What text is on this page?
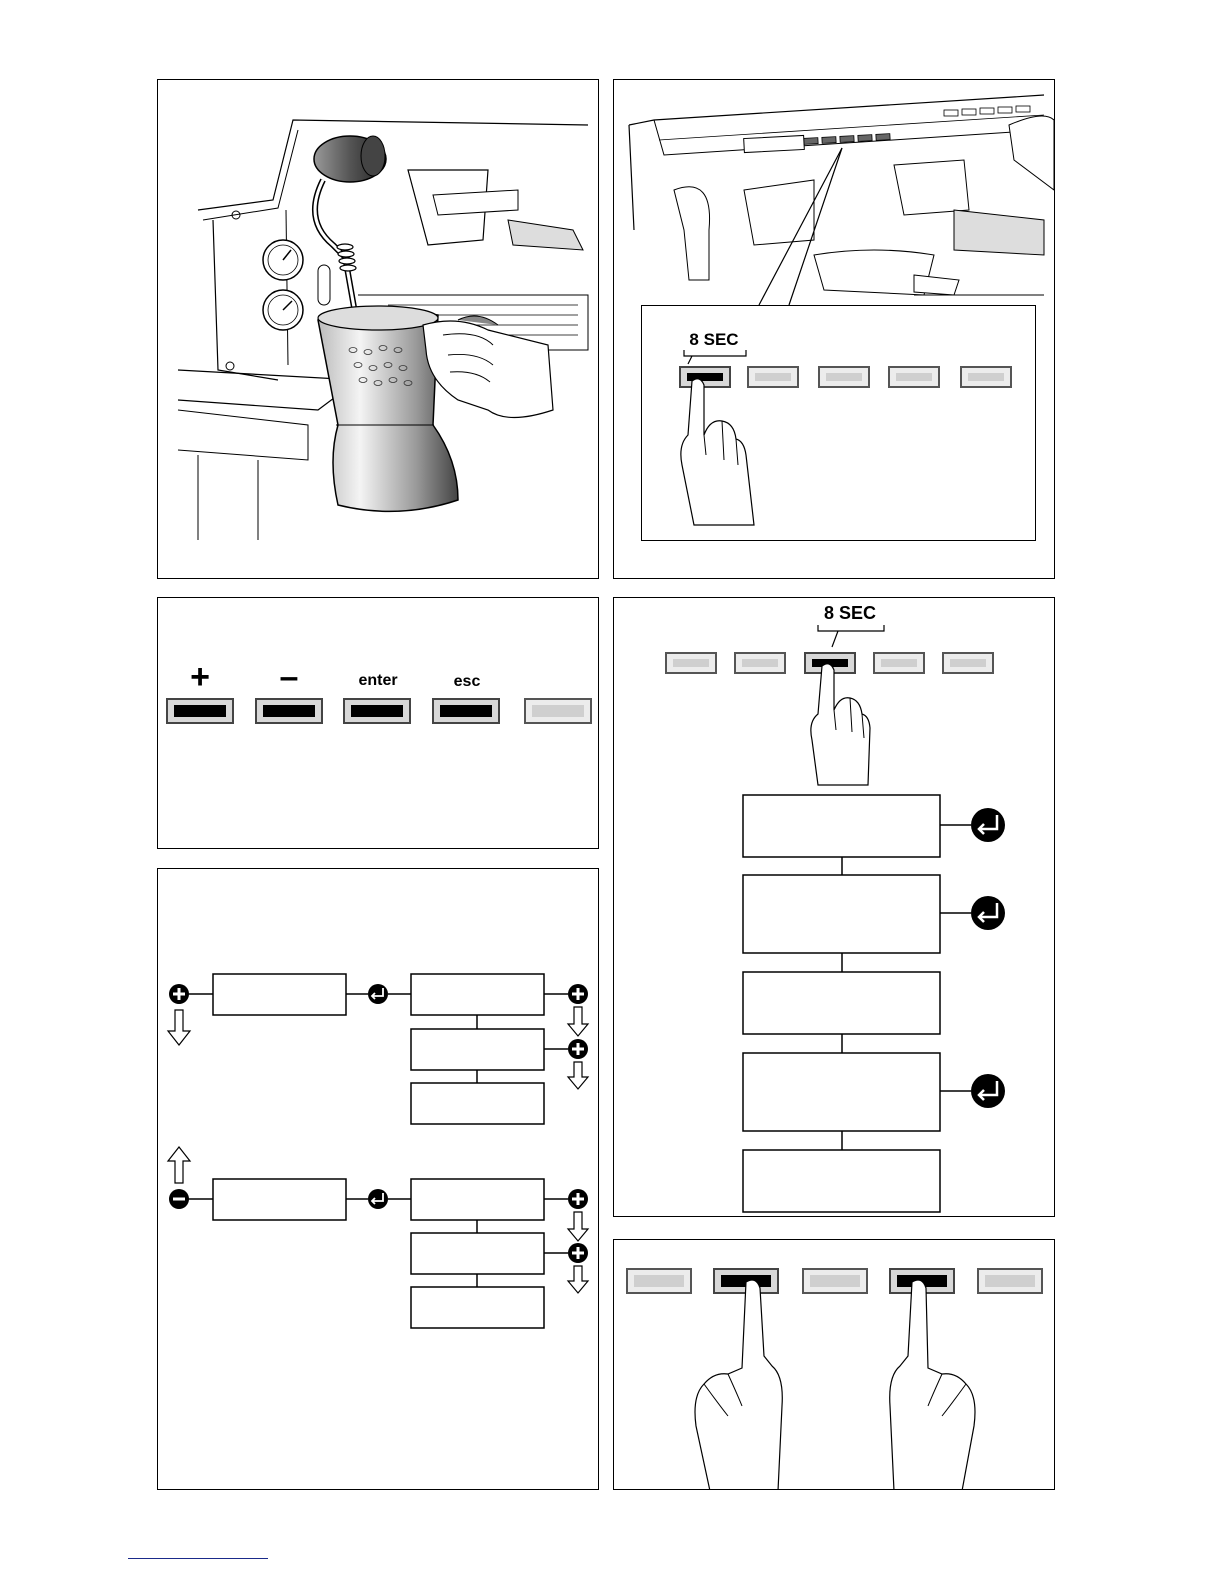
8 SEC
+	–	enter	esc
8 SEC
